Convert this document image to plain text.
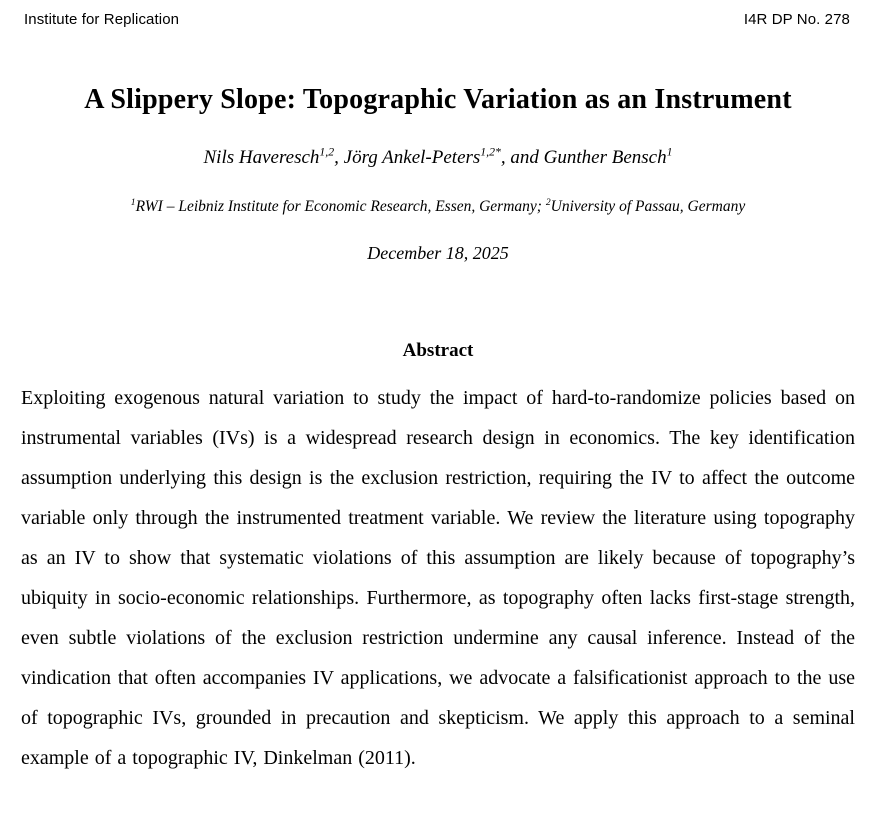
Institute for Replication	I4R DP No. 278
A Slippery Slope: Topographic Variation as an Instrument
Nils Haveresch$^{1,2}$, Jörg Ankel-Peters$^{1,2*}$, and Gunther Bensch$^1$
$^1$RWI – Leibniz Institute for Economic Research, Essen, Germany; $^2$University of Passau, Germany
December 18, 2025
Abstract

Exploiting exogenous natural variation to study the impact of hard-to-randomize policies based on instrumental variables (IVs) is a widespread research design in economics. The key identification assumption underlying this design is the exclusion restriction, requiring the IV to affect the outcome variable only through the instrumented treatment variable. We review the literature using topography as an IV to show that systematic violations of this assumption are likely because of topography’s ubiquity in socio-economic relationships. Furthermore, as topography often lacks first-stage strength, even subtle violations of the exclusion restriction undermine any causal inference. Instead of the vindication that often accompanies IV applications, we advocate a falsificationist approach to the use of topographic IVs, grounded in precaution and skepticism. We apply this approach to a seminal example of a topographic IV, Dinkelman (2011).
